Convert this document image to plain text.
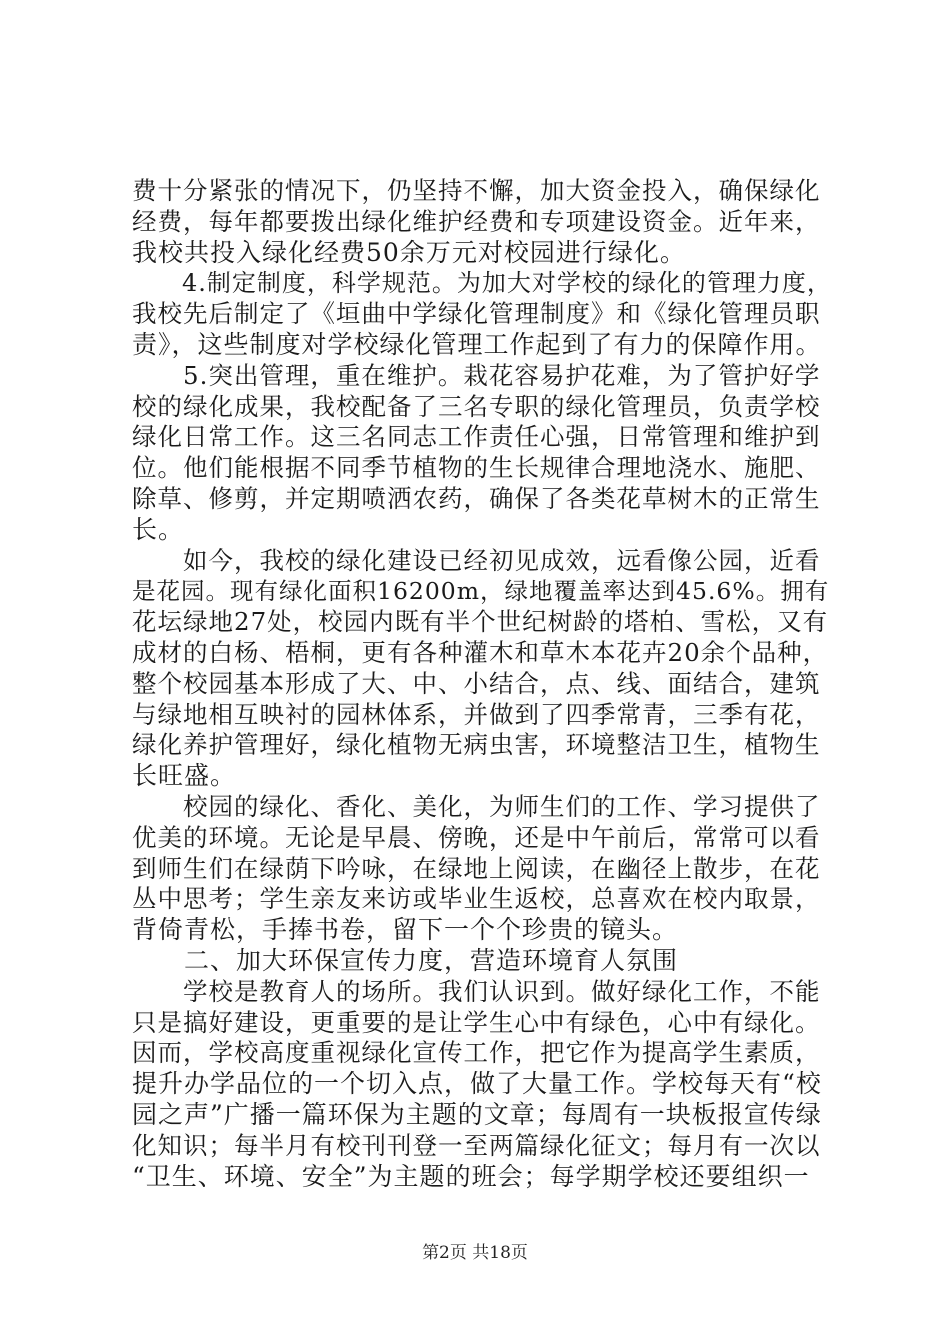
费十分紧张的情况下，仍坚持不懈，加大资金投入，确保绿化
经费，每年都要拨出绿化维护经费和专项建设资金。近年来，
我校共投入绿化经费50余万元对校园进行绿化。
　　4.制定制度，科学规范。为加大对学校的绿化的管理力度，
我校先后制定了《垣曲中学绿化管理制度》和《绿化管理员职
责》，这些制度对学校绿化管理工作起到了有力的保障作用。
　　5.突出管理，重在维护。栽花容易护花难，为了管护好学
校的绿化成果，我校配备了三名专职的绿化管理员，负责学校
绿化日常工作。这三名同志工作责任心强，日常管理和维护到
位。他们能根据不同季节植物的生长规律合理地浇水、施肥、
除草、修剪，并定期喷洒农药，确保了各类花草树木的正常生
长。
　　如今，我校的绿化建设已经初见成效，远看像公园，近看
是花园。现有绿化面积16200m，绿地覆盖率达到45.6%。拥有
花坛绿地27处，校园内既有半个世纪树龄的塔柏、雪松，又有
成材的白杨、梧桐，更有各种灌木和草木本花卉20余个品种，
整个校园基本形成了大、中、小结合，点、线、面结合，建筑
与绿地相互映衬的园林体系，并做到了四季常青，三季有花，
绿化养护管理好，绿化植物无病虫害，环境整洁卫生，植物生
长旺盛。
　　校园的绿化、香化、美化，为师生们的工作、学习提供了
优美的环境。无论是早晨、傍晚，还是中午前后，常常可以看
到师生们在绿荫下吟咏，在绿地上阅读，在幽径上散步，在花
丛中思考；学生亲友来访或毕业生返校，总喜欢在校内取景，
背倚青松，手捧书卷，留下一个个珍贵的镜头。
　　二、加大环保宣传力度，营造环境育人氛围
　　学校是教育人的场所。我们认识到。做好绿化工作，不能
只是搞好建设，更重要的是让学生心中有绿色，心中有绿化。
因而，学校高度重视绿化宣传工作，把它作为提高学生素质，
提升办学品位的一个切入点，做了大量工作。学校每天有“校
园之声”广播一篇环保为主题的文章；每周有一块板报宣传绿
化知识；每半月有校刊刊登一至两篇绿化征文；每月有一次以
“卫生、环境、安全”为主题的班会；每学期学校还要组织一
第2页 共18页
